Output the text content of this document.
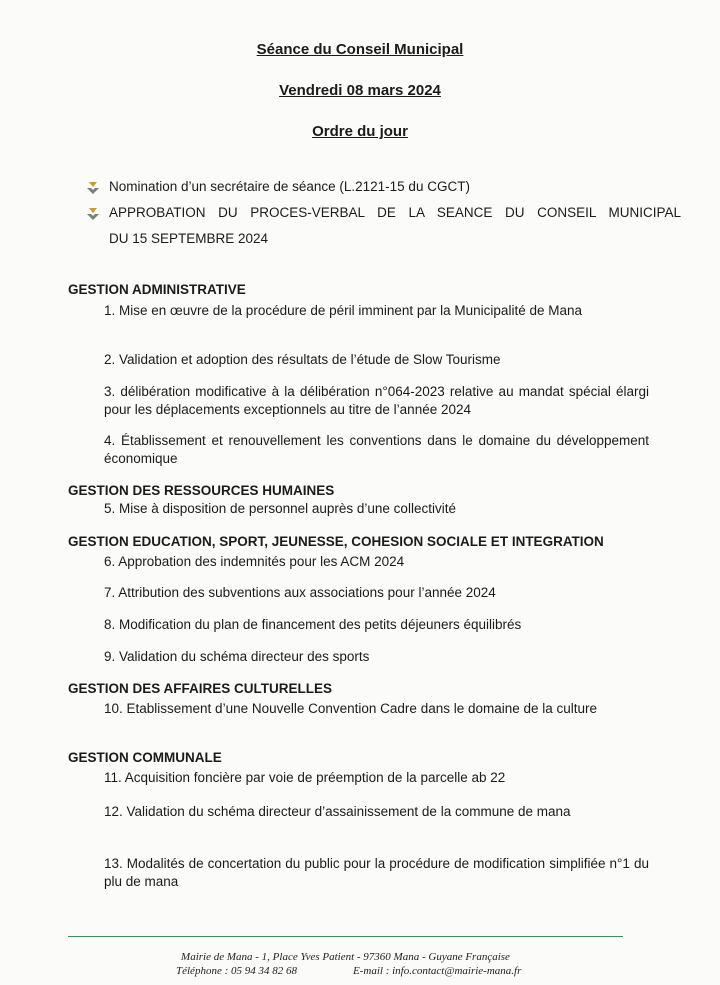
Séance du Conseil Municipal
Vendredi 08 mars 2024
Ordre du jour
Nomination d’un secrétaire de séance (L.2121-15 du CGCT)
APPROBATION DU PROCES-VERBAL DE LA SEANCE DU CONSEIL MUNICIPAL
DU 15 SEPTEMBRE 2024
GESTION ADMINISTRATIVE
1. Mise en œuvre de la procédure de péril imminent par la Municipalité de Mana
2. Validation et adoption des résultats de l’étude de Slow Tourisme
3. délibération modificative à la délibération n°064-2023 relative au mandat spécial élargi pour les déplacements exceptionnels au titre de l’année 2024
4. Établissement et renouvellement les conventions dans le domaine du développement économique
GESTION DES RESSOURCES HUMAINES
5. Mise à disposition de personnel auprès d’une collectivité
GESTION EDUCATION, SPORT, JEUNESSE, COHESION SOCIALE ET INTEGRATION
6. Approbation des indemnités pour les ACM 2024
7. Attribution des subventions aux associations pour l’année 2024
8. Modification du plan de financement des petits déjeuners équilibrés
9. Validation du schéma directeur des sports
GESTION DES AFFAIRES CULTURELLES
10. Etablissement d’une Nouvelle Convention Cadre dans le domaine de la culture
GESTION COMMUNALE
11. Acquisition foncière par voie de préemption de la parcelle ab 22
12. Validation du schéma directeur d’assainissement de la commune de mana
13. Modalités de concertation du public pour la procédure de modification simplifiée n°1 du plu de mana
Mairie de Mana - 1, Place Yves Patient - 97360 Mana - Guyane Française
Téléphone : 05 94 34 82 68	E-mail : info.contact@mairie-mana.fr
